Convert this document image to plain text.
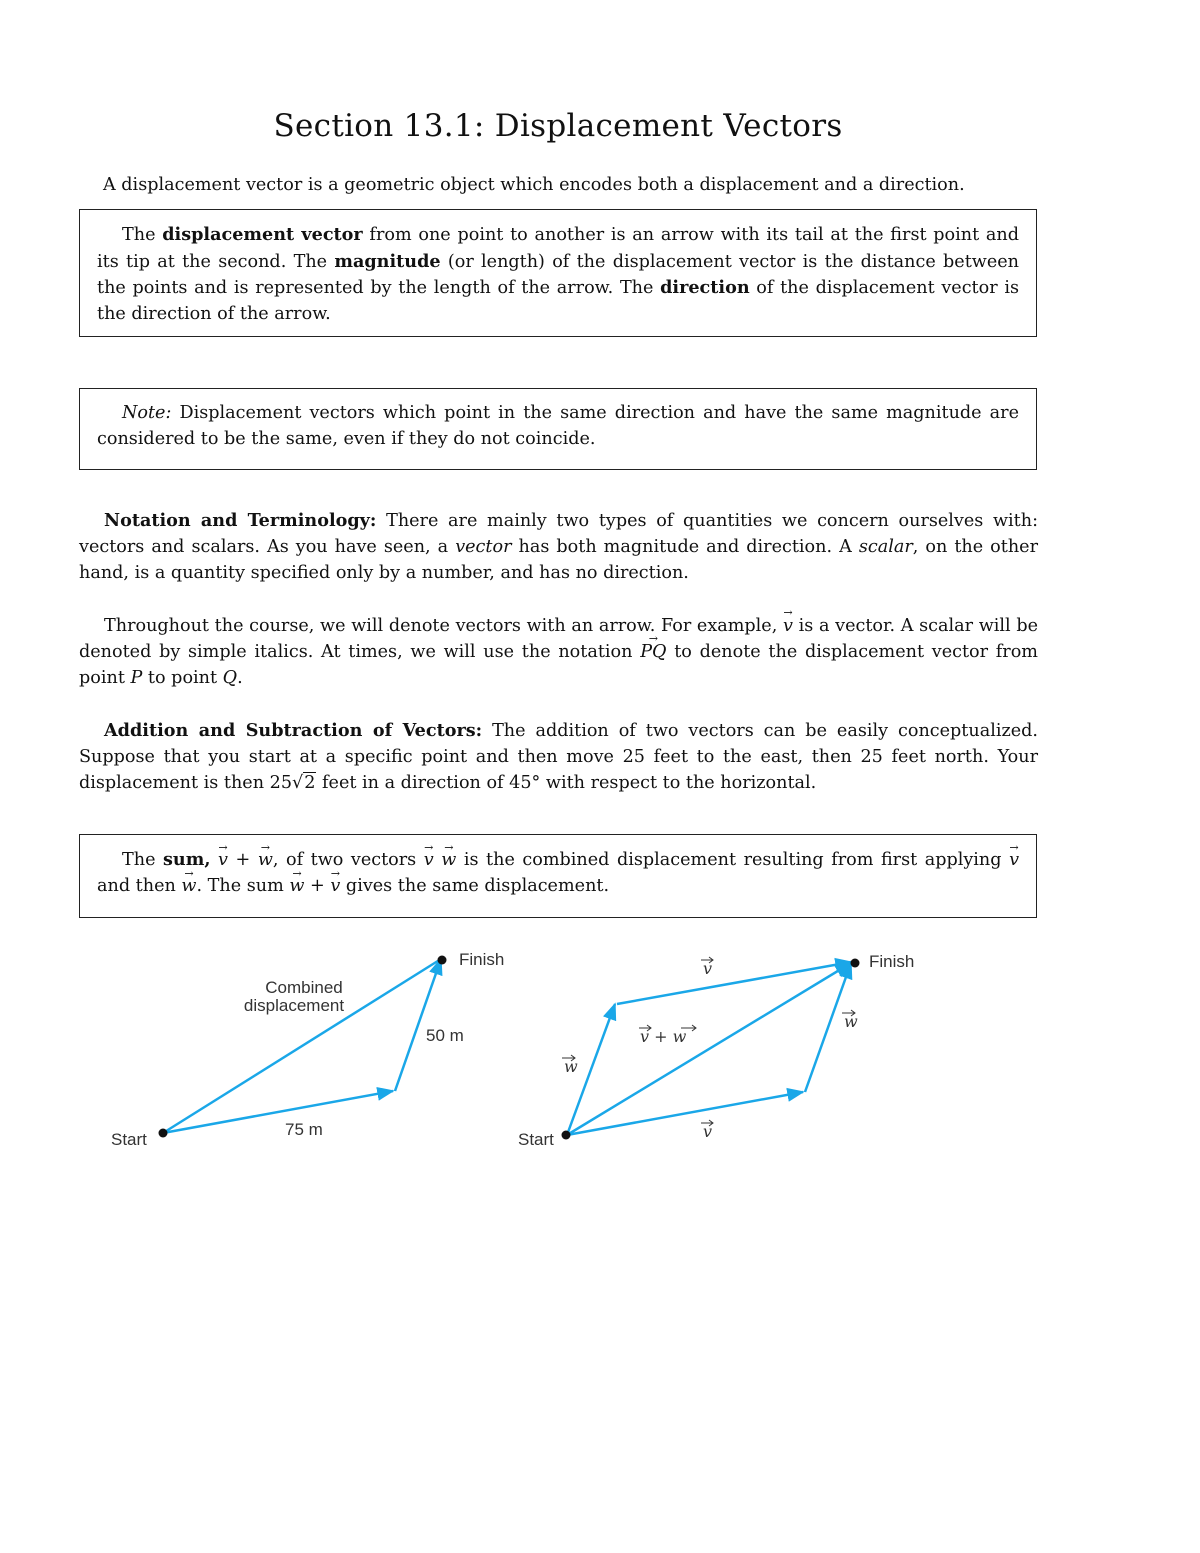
Section 13.1: Displacement Vectors
A displacement vector is a geometric object which encodes both a displacement and a direction.
The displacement vector from one point to another is an arrow with its tail at the first point and its tip at the second. The magnitude (or length) of the displacement vector is the distance between the points and is represented by the length of the arrow. The direction of the displacement vector is the direction of the arrow.
Note: Displacement vectors which point in the same direction and have the same magnitude are considered to be the same, even if they do not coincide.
Notation and Terminology: There are mainly two types of quantities we concern ourselves with: vectors and scalars. As you have seen, a vector has both magnitude and direction. A scalar, on the other hand, is a quantity specified only by a number, and has no direction.
Throughout the course, we will denote vectors with an arrow. For example, v → is a vector. A scalar will be denoted by simple italics. At times, we will use the notation PQ → to denote the displacement vector from point P to point Q.
Addition and Subtraction of Vectors: The addition of two vectors can be easily conceptualized. Suppose that you start at a specific point and then move 25 feet to the east, then 25 feet north. Your displacement is then 25√2 feet in a direction of 45° with respect to the horizontal.
The sum, v → + w →, of two vectors v → w → is the combined displacement resulting from first applying v → and then w →. The sum w → + v → gives the same displacement.
Start
Finish
Combined
displacement
75 m
50 m
Start
Finish
v
v
w
w
v + w
